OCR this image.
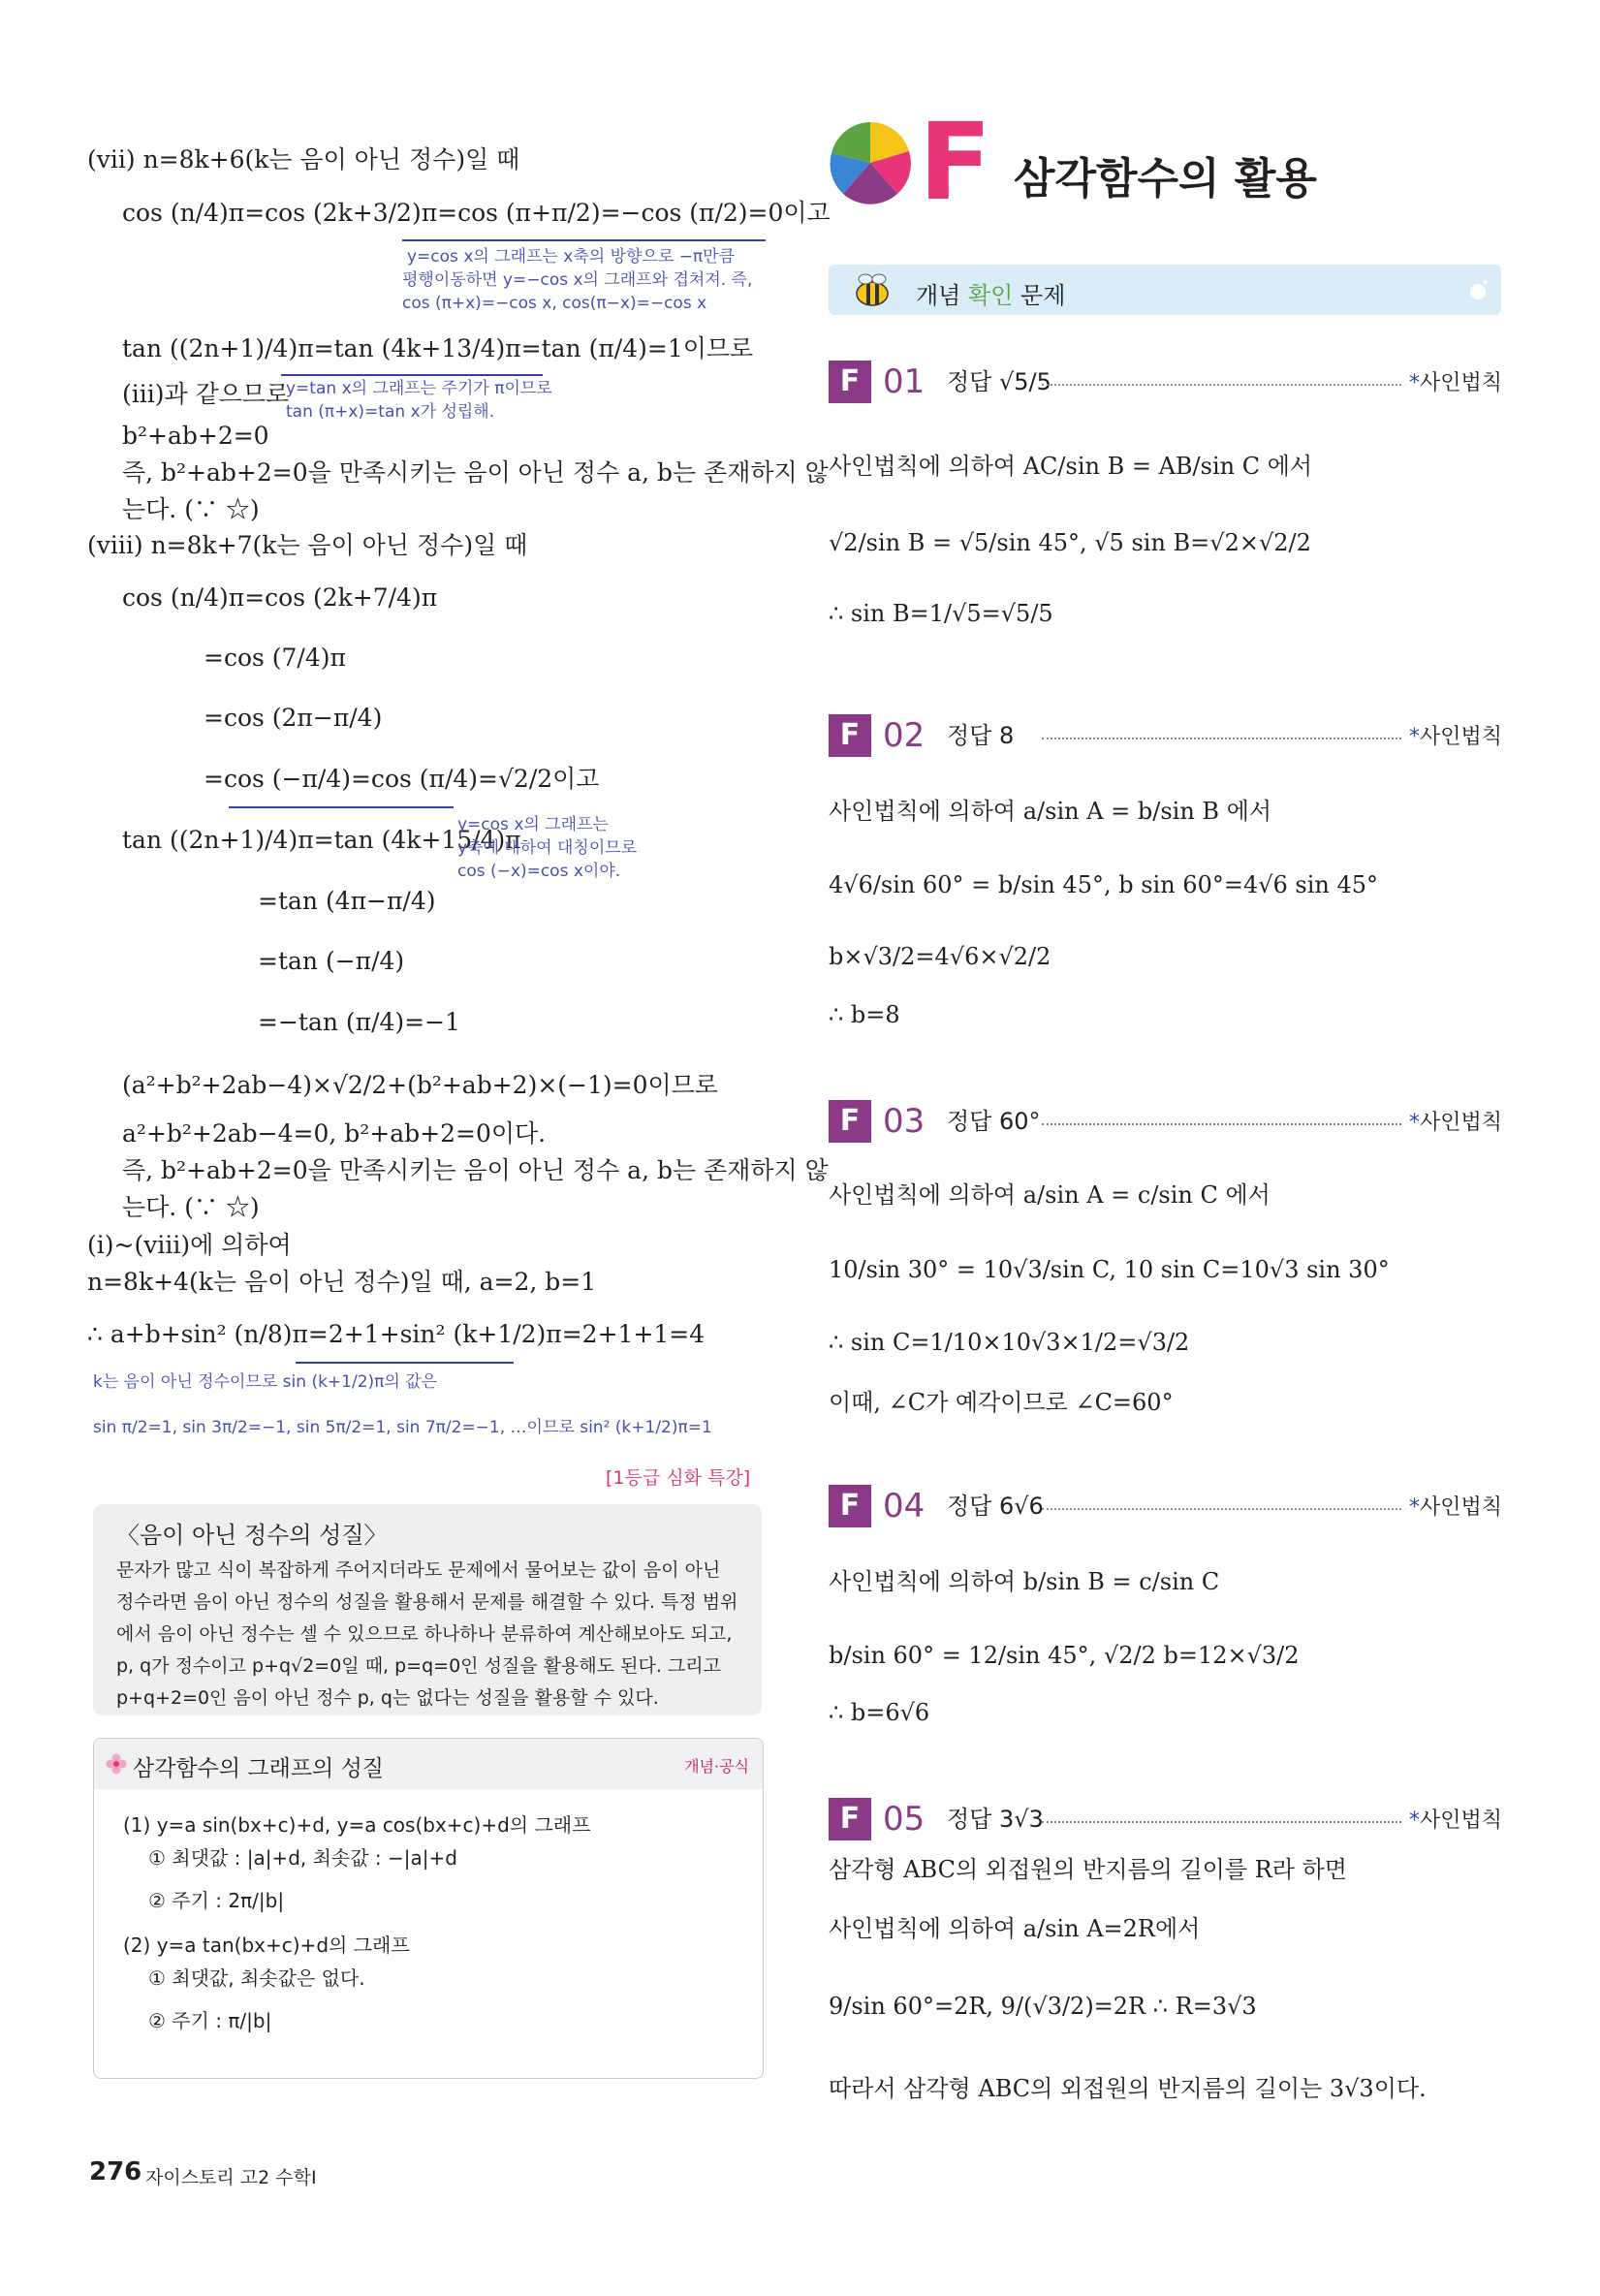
(ⅶ) n=8k+6(k는 음이 아닌 정수)일 때
cos (n/4)π=cos (2k+3/2)π=cos (π+π/2)=−cos (π/2)=0이고
y=cos x의 그래프는 x축의 방향으로 −π만큼
평행이동하면 y=−cos x의 그래프와 겹쳐져. 즉,
cos (π+x)=−cos x, cos(π−x)=−cos x
tan ((2n+1)/4)π=tan (4k+13/4)π=tan (π/4)=1이므로
(ⅲ)과 같으므로
y=tan x의 그래프는 주기가 π이므로
tan (π+x)=tan x가 성립해.
b²+ab+2=0
즉, b²+ab+2=0을 만족시키는 음이 아닌 정수 a, b는 존재하지 않
는다. (∵ ☆)
(ⅷ) n=8k+7(k는 음이 아닌 정수)일 때
cos (n/4)π=cos (2k+7/4)π
=cos (7/4)π
=cos (2π−π/4)
=cos (−π/4)=cos (π/4)=√2/2이고
tan ((2n+1)/4)π=tan (4k+15/4)π
y=cos x의 그래프는
y축에 대하여 대칭이므로
cos (−x)=cos x이야.
=tan (4π−π/4)
=tan (−π/4)
=−tan (π/4)=−1
(a²+b²+2ab−4)×√2/2+(b²+ab+2)×(−1)=0이므로
a²+b²+2ab−4=0, b²+ab+2=0이다.
즉, b²+ab+2=0을 만족시키는 음이 아닌 정수 a, b는 존재하지 않
는다. (∵ ☆)
(ⅰ)~(ⅷ)에 의하여
n=8k+4(k는 음이 아닌 정수)일 때, a=2, b=1
∴ a+b+sin² (n/8)π=2+1+sin² (k+1/2)π=2+1+1=4
k는 음이 아닌 정수이므로 sin (k+1/2)π의 값은
sin π/2=1, sin 3π/2=−1, sin 5π/2=1, sin 7π/2=−1, …이므로 sin² (k+1/2)π=1
[1등급 심화 특강]
〈음이 아닌 정수의 성질〉
문자가 많고 식이 복잡하게 주어지더라도 문제에서 물어보는 값이 음이 아닌 정수라면 음이 아닌 정수의 성질을 활용해서 문제를 해결할 수 있다. 특정 범위에서 음이 아닌 정수는 셀 수 있으므로 하나하나 분류하여 계산해보아도 되고, p, q가 정수이고 p+q√2=0일 때, p=q=0인 성질을 활용해도 된다. 그리고 p+q+2=0인 음이 아닌 정수 p, q는 없다는 성질을 활용할 수 있다.
삼각함수의 그래프의 성질	개념·공식
(1) y=a sin(bx+c)+d, y=a cos(bx+c)+d의 그래프
① 최댓값 : |a|+d, 최솟값 : −|a|+d
② 주기 : 2π/|b|
(2) y=a tan(bx+c)+d의 그래프
① 최댓값, 최솟값은 없다.
② 주기 : π/|b|
276 자이스토리 고2 수학Ⅰ
F 삼각함수의 활용
개념 확인 문제
F 01 정답 √5/5	*사인법칙
사인법칙에 의하여 AC/sin B = AB/sin C 에서
√2/sin B = √5/sin 45°, √5 sin B=√2×√2/2
∴ sin B=1/√5=√5/5
F 02 정답 8	*사인법칙
사인법칙에 의하여 a/sin A = b/sin B 에서
4√6/sin 60° = b/sin 45°, b sin 60°=4√6 sin 45°
b×√3/2=4√6×√2/2
∴ b=8
F 03 정답 60°	*사인법칙
사인법칙에 의하여 a/sin A = c/sin C 에서
10/sin 30° = 10√3/sin C, 10 sin C=10√3 sin 30°
∴ sin C=1/10×10√3×1/2=√3/2
이때, ∠C가 예각이므로 ∠C=60°
F 04 정답 6√6	*사인법칙
사인법칙에 의하여 b/sin B = c/sin C
b/sin 60° = 12/sin 45°, √2/2 b=12×√3/2
∴ b=6√6
F 05 정답 3√3	*사인법칙
삼각형 ABC의 외접원의 반지름의 길이를 R라 하면
사인법칙에 의하여 a/sin A=2R에서
9/sin 60°=2R, 9/(√3/2)=2R ∴ R=3√3
따라서 삼각형 ABC의 외접원의 반지름의 길이는 3√3이다.
